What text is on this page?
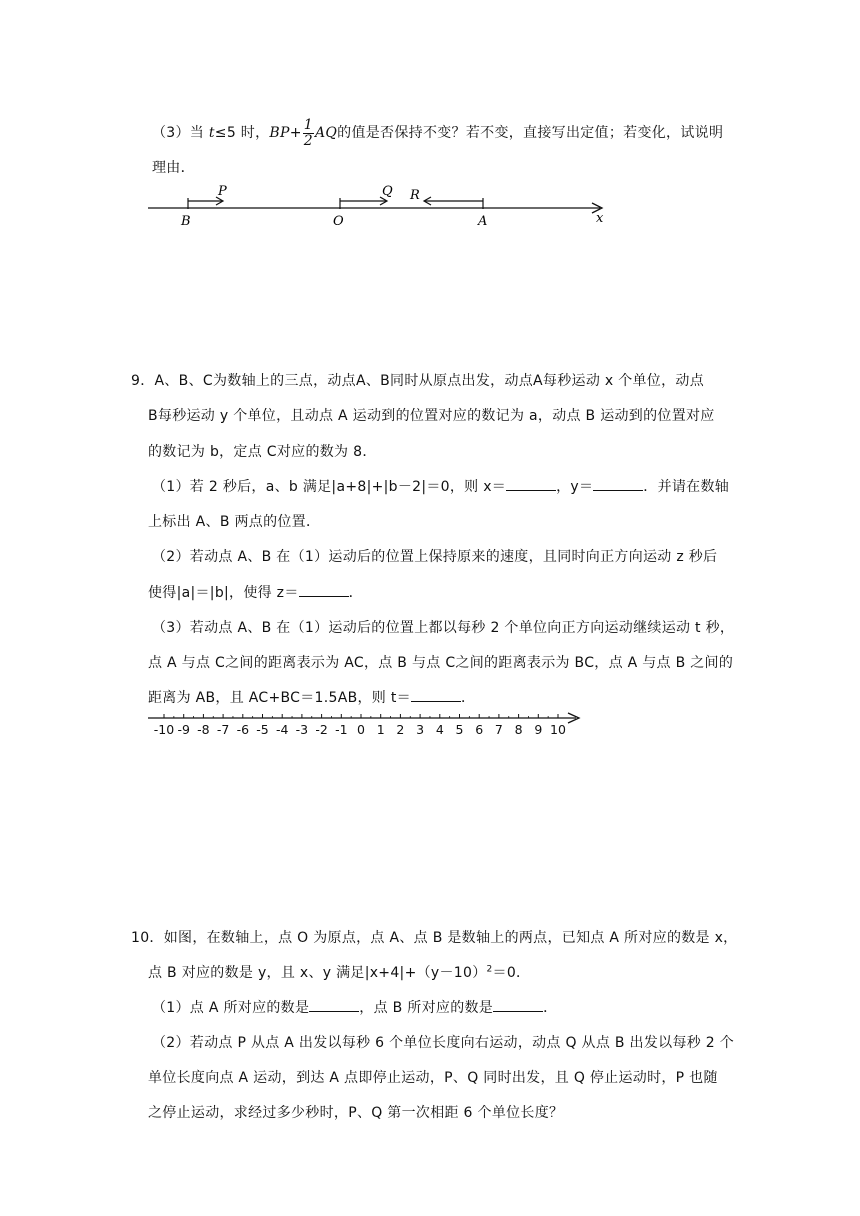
（3）当 t≤5 时，$BP+ \frac{1}{2}$ AQ的值是否保持不变？若不变，直接写出定值；若变化，试说明
理由．
B	O	A
P	Q R
x
9．A、B、C为数轴上的三点，动点A、B同时从原点出发，动点A每秒运动 x 个单位，动点
B每秒运动 y 个单位，且动点 A 运动到的位置对应的数记为 a，动点 B 运动到的位置对应
的数记为 b，定点 C对应的数为 8．
（1）若 2 秒后，a、b 满足|a+8|+|b－2|＝0，则 x＝	，y＝	．并请在数轴
上标出 A、B 两点的位置．
（2）若动点 A、B 在（1）运动后的位置上保持原来的速度，且同时向正方向运动 z 秒后
使得|a|＝|b|，使得 z＝	．
（3）若动点 A、B 在（1）运动后的位置上都以每秒 2 个单位向正方向运动继续运动 t 秒，
点 A 与点 C之间的距离表示为 AC，点 B 与点 C之间的距离表示为 BC，点 A 与点 B 之间的
距离为 AB，且 AC+BC＝1.5AB，则 t＝	．
-10 -9 -8 -7 -6 -5 -4 -3 -2 -1 0 1 2 3 4 5 6 7 8 9 10
10．如图，在数轴上，点 O 为原点，点 A、点 B 是数轴上的两点，已知点 A 所对应的数是 x，
点 B 对应的数是 y，且 x、y 满足$|x+4|+(y-10)^2=0$．
（1）点 A 所对应的数是	，点 B 所对应的数是	．
（2）若动点 P 从点 A 出发以每秒 6 个单位长度向右运动，动点 Q 从点 B 出发以每秒 2 个
单位长度向点 A 运动，到达 A 点即停止运动，P、Q 同时出发，且 Q 停止运动时，P 也随
之停止运动，求经过多少秒时，P、Q 第一次相距 6 个单位长度？
